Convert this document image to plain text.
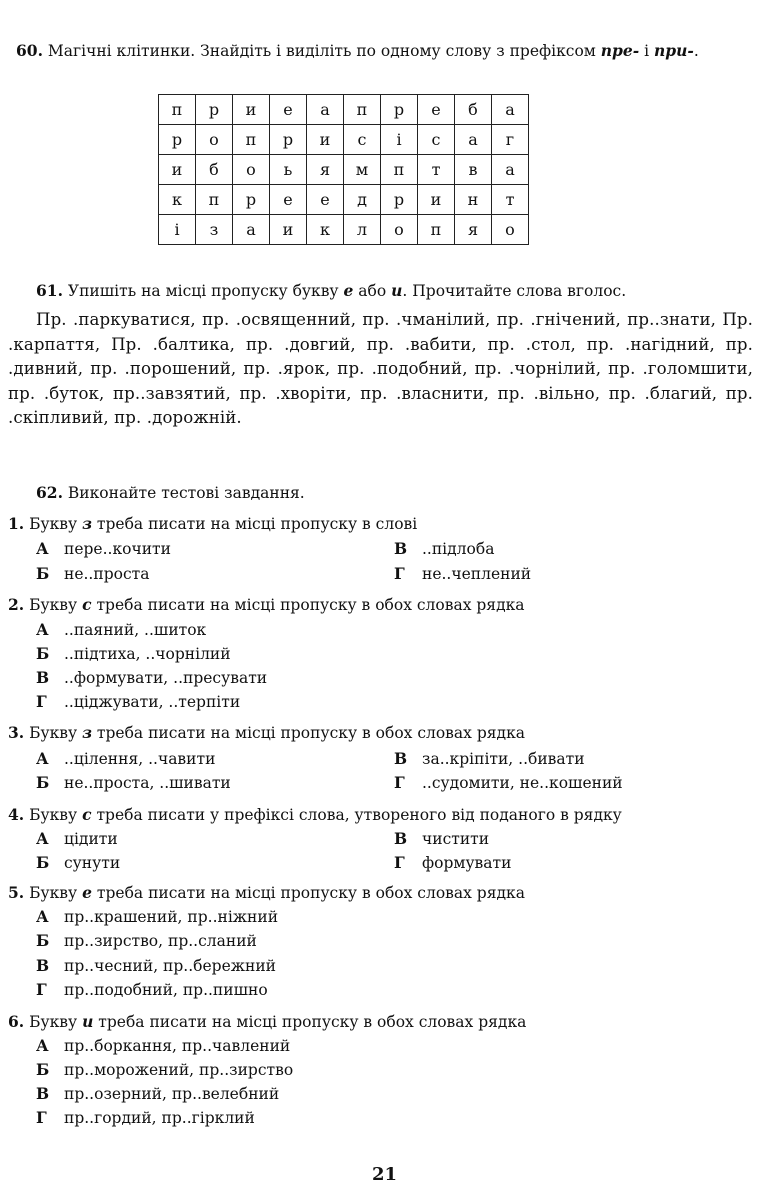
60. Магічні клітинки. Знайдіть і виділіть по одному слову з префіксом пре- і при-.
п	р	и	е	а	п	р	е	б	а
р	о	п	р	и	с	і	с	а	г
и	б	о	ь	я	м	п	т	в	а
к	п	р	е	е	д	р	и	н	т
і	з	а	и	к	л	о	п	я	о
61. Упишіть на місці пропуску букву е або и. Прочитайте слова вголос.
Пр. .паркуватися, пр. .освященний, пр. .чманілий, пр. .гнічений, пр..знати, Пр. .карпаття, Пр. .балтика, пр. .довгий, пр. .вабити, пр. .стол, пр. .нагідний, пр. .дивний, пр. .порошений, пр. .ярок, пр. .подобний, пр. .чорнілий, пр. .голомшити, пр. .буток, пр..завзятий, пр. .хворіти, пр. .власнити, пр. .вільно, пр. .благий, пр. .скіпливий, пр. .дорожній.
62. Виконайте тестові завдання.
1. Букву з треба писати на місці пропуску в слові
А пере..кочити
Б не..проста
В ..підлоба
Г не..чеплений
2. Букву с треба писати на місці пропуску в обох словах рядка
А ..паяний, ..шиток
Б ..підтиха, ..чорнілий
В ..формувати, ..пресувати
Г ..ціджувати, ..терпіти
3. Букву з треба писати на місці пропуску в обох словах рядка
А ..цілення, ..чавити
Б не..проста, ..шивати
В за..кріпіти, ..бивати
Г ..судомити, не..кошений
4. Букву с треба писати у префіксі слова, утвореного від поданого в рядку
А цідити
Б сунути
В чистити
Г формувати
5. Букву е треба писати на місці пропуску в обох словах рядка
А пр..крашений, пр..ніжний
Б пр..зирство, пр..сланий
В пр..чесний, пр..бережний
Г пр..подобний, пр..пишно
6. Букву и треба писати на місці пропуску в обох словах рядка
А пр..боркання, пр..чавлений
Б пр..морожений, пр..зирство
В пр..озерний, пр..велебний
Г пр..гордий, пр..гірклий
21
